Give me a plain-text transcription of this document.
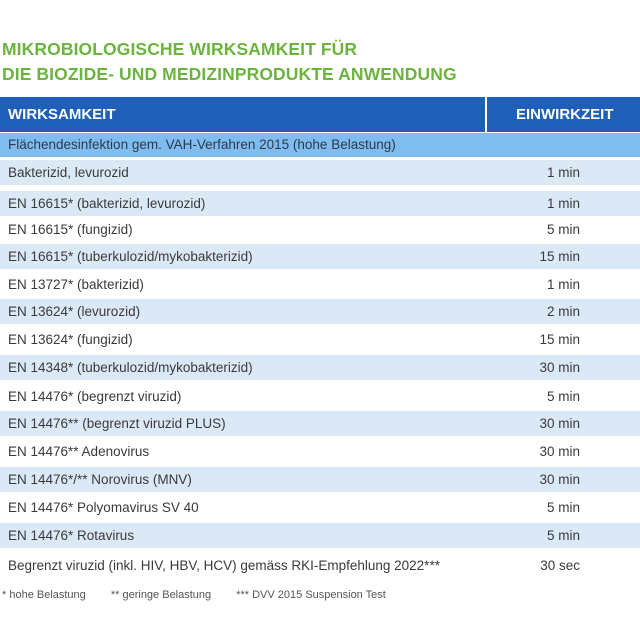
MIKROBIOLOGISCHE WIRKSAMKEIT FÜR
DIE BIOZIDE- UND MEDIZINPRODUKTE ANWENDUNG
WIRKSAMKEIT	EINWIRKZEIT
Flächendesinfektion gem. VAH-Verfahren 2015 (hohe Belastung)
Bakterizid, levurozid	1 min
EN 16615* (bakterizid, levurozid)	1 min
EN 16615* (fungizid)	5 min
EN 16615* (tuberkulozid/mykobakterizid)	15 min
EN 13727* (bakterizid)	1 min
EN 13624* (levurozid)	2 min
EN 13624* (fungizid)	15 min
EN 14348* (tuberkulozid/mykobakterizid)	30 min
EN 14476* (begrenzt viruzid)	5 min
EN 14476** (begrenzt viruzid PLUS)	30 min
EN 14476** Adenovirus	30 min
EN 14476*/** Norovirus (MNV)	30 min
EN 14476* Polyomavirus SV 40	5 min
EN 14476* Rotavirus	5 min
Begrenzt viruzid (inkl. HIV, HBV, HCV) gemäss RKI-Empfehlung 2022***	30 sec
* hohe Belastung ** geringe Belastung *** DVV 2015 Suspension Test
